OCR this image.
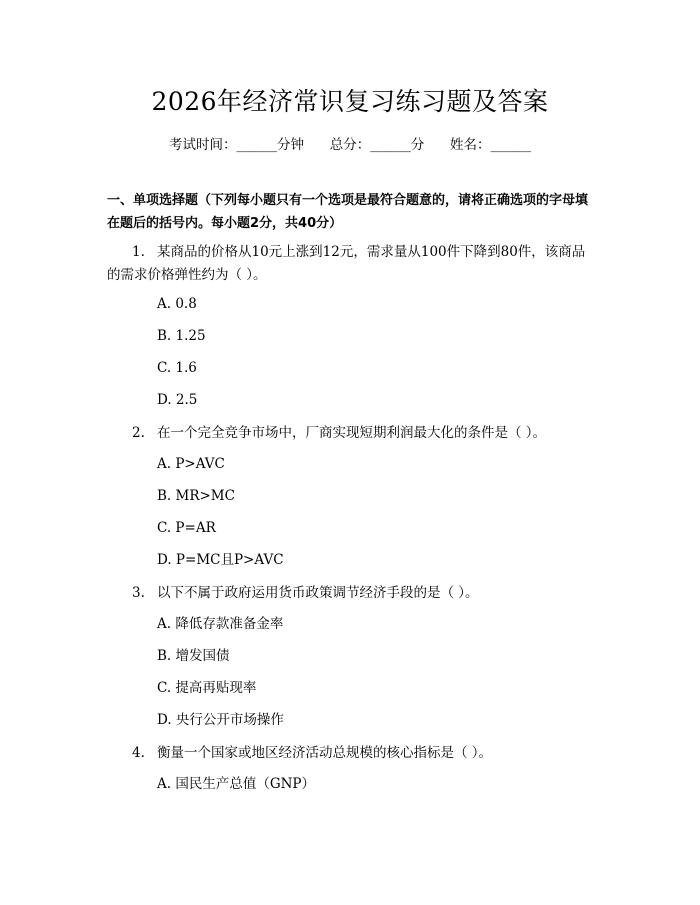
2026年经济常识复习练习题及答案
考试时间：______分钟      总分：______分      姓名：______
一、单项选择题（下列每小题只有一个选项是最符合题意的，请将正确选项的字母填在题后的括号内。每小题2分，共40分）
1. 某商品的价格从10元上涨到12元，需求量从100件下降到80件，该商品的需求价格弹性约为（ ）。
A. 0.8
B. 1.25
C. 1.6
D. 2.5
2. 在一个完全竞争市场中，厂商实现短期利润最大化的条件是（ ）。
A. P>AVC
B. MR>MC
C. P=AR
D. P=MC且P>AVC
3. 以下不属于政府运用货币政策调节经济手段的是（ ）。
A. 降低存款准备金率
B. 增发国债
C. 提高再贴现率
D. 央行公开市场操作
4. 衡量一个国家或地区经济活动总规模的核心指标是（ ）。
A. 国民生产总值（GNP）
